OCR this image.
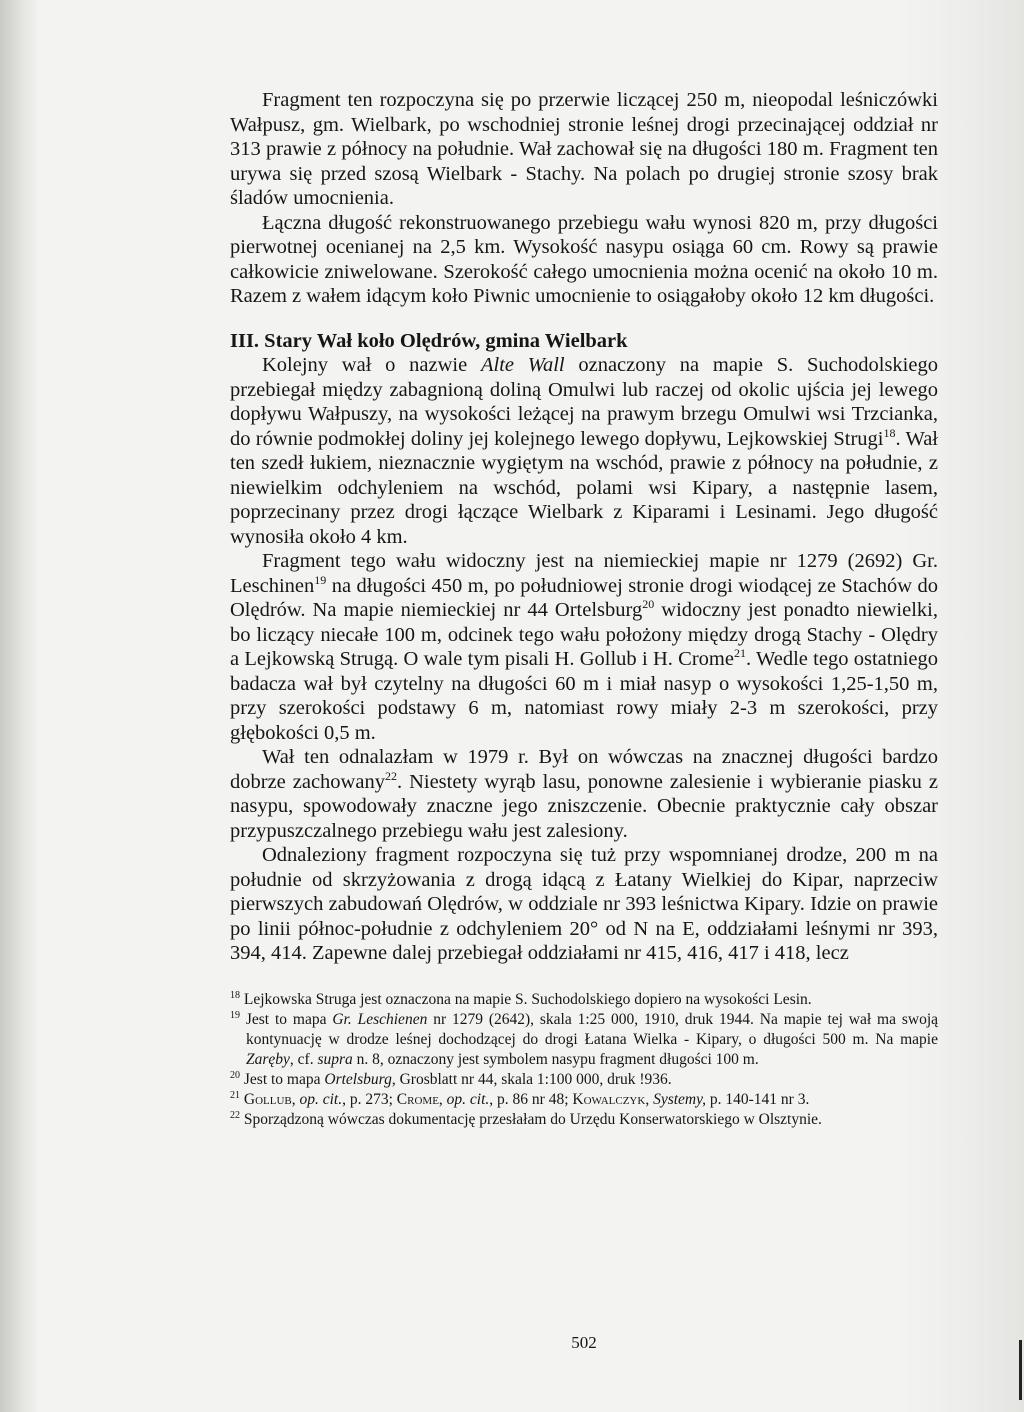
Fragment ten rozpoczyna się po przerwie liczącej 250 m, nieopodal leśniczówki Wałpusz, gm. Wielbark, po wschodniej stronie leśnej drogi przecinającej oddział nr 313 prawie z północy na południe. Wał zachował się na długości 180 m. Fragment ten urywa się przed szosą Wielbark - Stachy. Na polach po drugiej stronie szosy brak śladów umocnienia.

Łączna długość rekonstruowanego przebiegu wału wynosi 820 m, przy długości pierwotnej ocenianej na 2,5 km. Wysokość nasypu osiąga 60 cm. Rowy są prawie całkowicie zniwelowane. Szerokość całego umocnienia można ocenić na około 10 m. Razem z wałem idącym koło Piwnic umocnienie to osiągałoby około 12 km długości.

III. Stary Wał koło Olędrów, gmina Wielbark

Kolejny wał o nazwie Alte Wall oznaczony na mapie S. Suchodolskiego przebiegał między zabagnioną doliną Omulwi lub raczej od okolic ujścia jej lewego dopływu Wałpuszy, na wysokości leżącej na prawym brzegu Omulwi wsi Trzcianka, do równie podmokłej doliny jej kolejnego lewego dopływu, Lejkowskiej Strugi$^{18}$. Wał ten szedł łukiem, nieznacznie wygiętym na wschód, prawie z północy na południe, z niewielkim odchyleniem na wschód, polami wsi Kipary, a następnie lasem, poprzecinany przez drogi łączące Wielbark z Kiparami i Lesinami. Jego długość wynosiła około 4 km.

Fragment tego wału widoczny jest na niemieckiej mapie nr 1279 (2692) Gr. Leschinen$^{19}$ na długości 450 m, po południowej stronie drogi wiodącej ze Stachów do Olędrów. Na mapie niemieckiej nr 44 Ortelsburg$^{20}$ widoczny jest ponadto niewielki, bo liczący niecałe 100 m, odcinek tego wału położony między drogą Stachy - Olędry a Lejkowską Strugą. O wale tym pisali H. Gollub i H. Crome$^{21}$. Wedle tego ostatniego badacza wał był czytelny na długości 60 m i miał nasyp o wysokości 1,25-1,50 m, przy szerokości podstawy 6 m, natomiast rowy miały 2-3 m szerokości, przy głębokości 0,5 m.

Wał ten odnalazłam w 1979 r. Był on wówczas na znacznej długości bardzo dobrze zachowany$^{22}$. Niestety wyrąb lasu, ponowne zalesienie i wybieranie piasku z nasypu, spowodowały znaczne jego zniszczenie. Obecnie praktycznie cały obszar przypuszczalnego przebiegu wału jest zalesiony.

Odnaleziony fragment rozpoczyna się tuż przy wspomnianej drodze, 200 m na południe od skrzyżowania z drogą idącą z Łatany Wielkiej do Kipar, naprzeciw pierwszych zabudowań Olędrów, w oddziale nr 393 leśnictwa Kipary. Idzie on prawie po linii północ-południe z odchyleniem 20° od N na E, oddziałami leśnymi nr 393, 394, 414. Zapewne dalej przebiegał oddziałami nr 415, 416, 417 i 418, lecz

$^{18}$ Lejkowska Struga jest oznaczona na mapie S. Suchodolskiego dopiero na wysokości Lesin.

$^{19}$ Jest to mapa Gr. Leschienen nr 1279 (2642), skala 1:25 000, 1910, druk 1944. Na mapie tej wał ma swoją kontynuację w drodze leśnej dochodzącej do drogi Łatana Wielka - Kipary, o długości 500 m. Na mapie Zaręby, cf. supra n. 8, oznaczony jest symbolem nasypu fragment długości 100 m.

$^{20}$ Jest to mapa Ortelsburg, Grosblatt nr 44, skala 1:100 000, druk !936.

$^{21}$ Gollub, op. cit., p. 273; Crome, op. cit., p. 86 nr 48; Kowalczyk, Systemy, p. 140-141 nr 3.

$^{22}$ Sporządzoną wówczas dokumentację przesłałam do Urzędu Konserwatorskiego w Olsztynie.

502
